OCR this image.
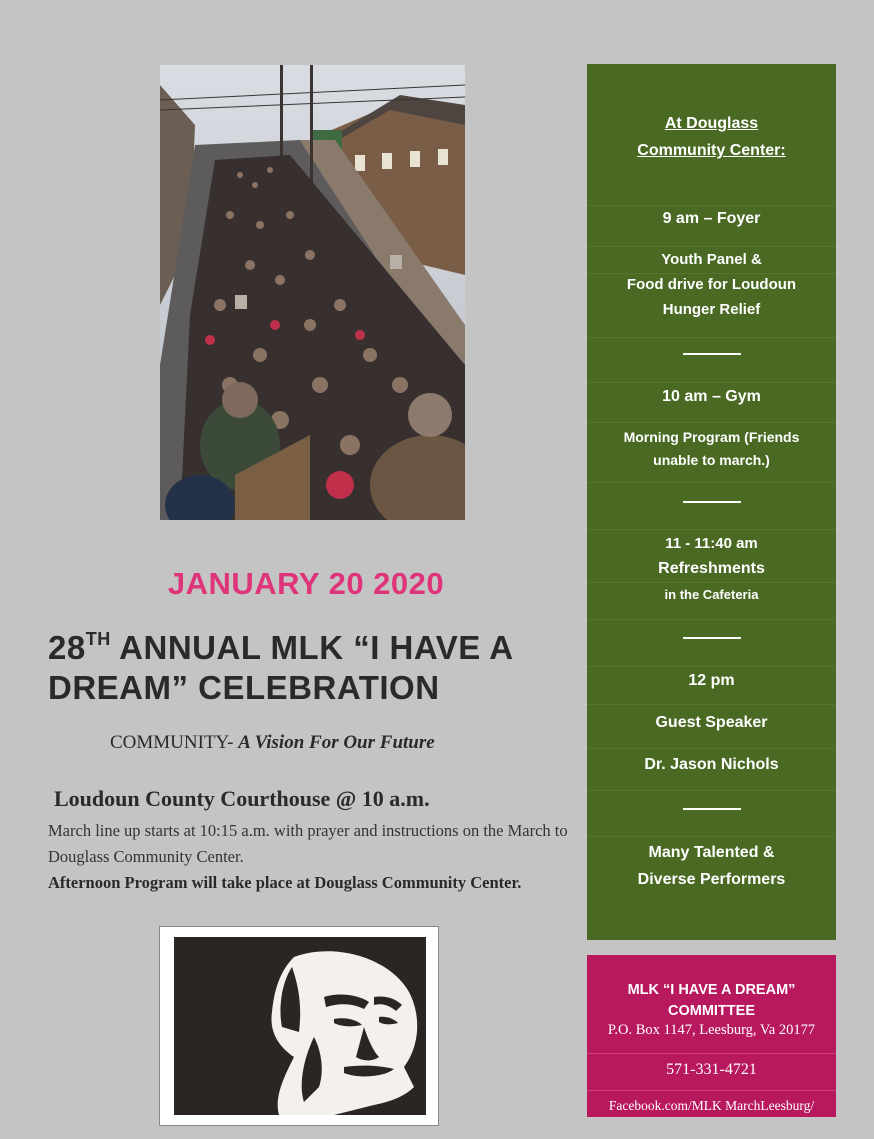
JANUARY 20 2020
28TH ANNUAL MLK “I HAVE A DREAM” CELEBRATION
COMMUNITY- A Vision For Our Future
Loudoun County Courthouse @ 10 a.m.
March line up starts at 10:15 a.m. with prayer and instructions on the March to Douglass Community Center.
Afternoon Program will take place at Douglass Community Center.
At Douglass
Community Center:
9 am – Foyer
Youth Panel &
Food drive for Loudoun
Hunger Relief
10 am – Gym
Morning Program (Friends
unable to march.)
11 - 11:40 am
Refreshments
in the Cafeteria
12 pm
Guest Speaker
Dr. Jason Nichols
Many Talented &
Diverse Performers
MLK “I HAVE A DREAM”
COMMITTEE
P.O. Box 1147, Leesburg, Va 20177
571-331-4721
Facebook.com/MLK MarchLeesburg/
